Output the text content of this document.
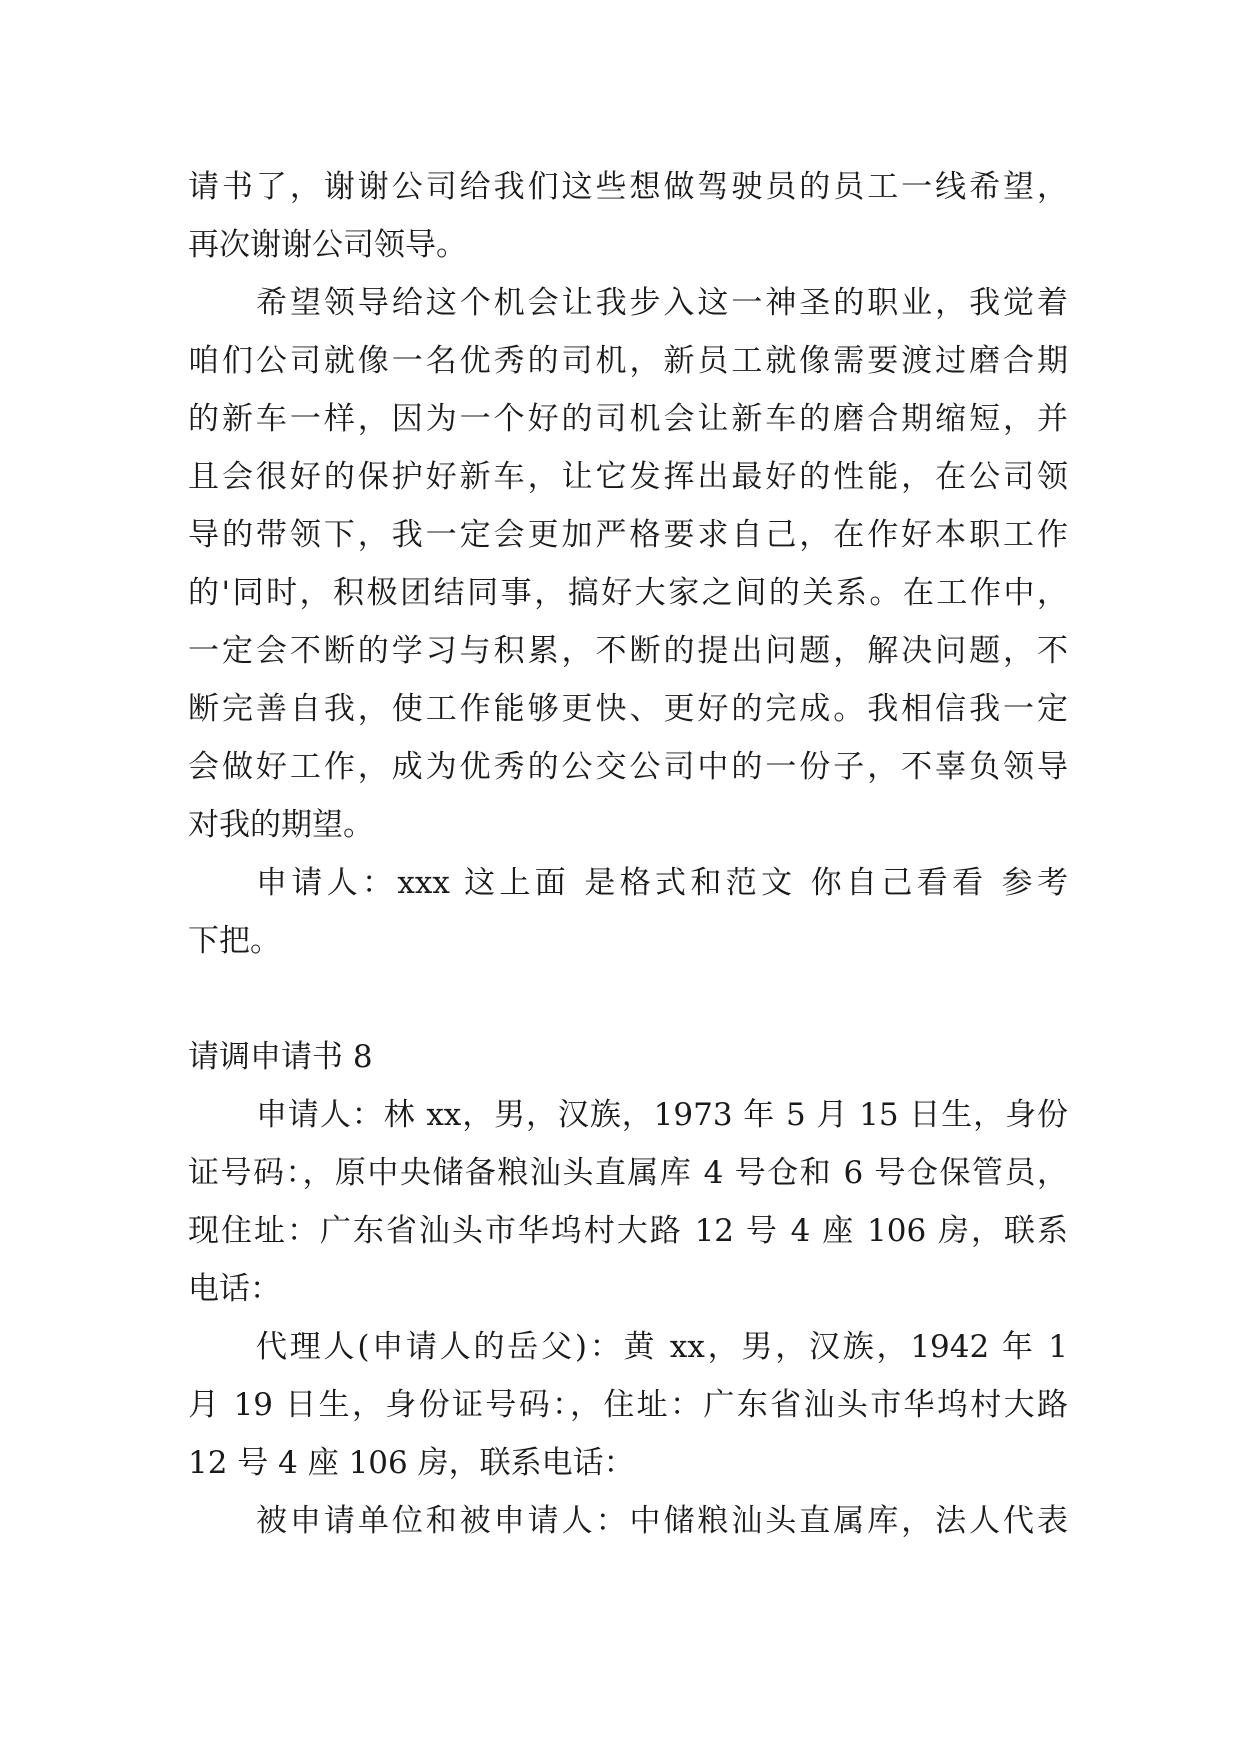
请书了，谢谢公司给我们这些想做驾驶员的员工一线希望，
再次谢谢公司领导。
希望领导给这个机会让我步入这一神圣的职业，我觉着
咱们公司就像一名优秀的司机，新员工就像需要渡过磨合期
的新车一样，因为一个好的司机会让新车的磨合期缩短，并
且会很好的保护好新车，让它发挥出最好的性能，在公司领
导的带领下，我一定会更加严格要求自己，在作好本职工作
的'同时，积极团结同事，搞好大家之间的关系。在工作中，
一定会不断的学习与积累，不断的提出问题，解决问题，不
断完善自我，使工作能够更快、更好的完成。我相信我一定
会做好工作，成为优秀的公交公司中的一份子，不辜负领导
对我的期望。
申请人：xxx 这上面 是格式和范文 你自己看看 参考
下把。
请调申请书 8
申请人：林 xx，男，汉族，1973 年 5 月 15 日生，身份
证号码：，原中央储备粮汕头直属库 4 号仓和 6 号仓保管员，
现住址：广东省汕头市华坞村大路 12 号 4 座 106 房，联系
电话：
代理人(申请人的岳父)：黄 xx，男，汉族，1942 年 1
月 19 日生，身份证号码：，住址：广东省汕头市华坞村大路
12 号 4 座 106 房，联系电话：
被申请单位和被申请人：中储粮汕头直属库，法人代表
